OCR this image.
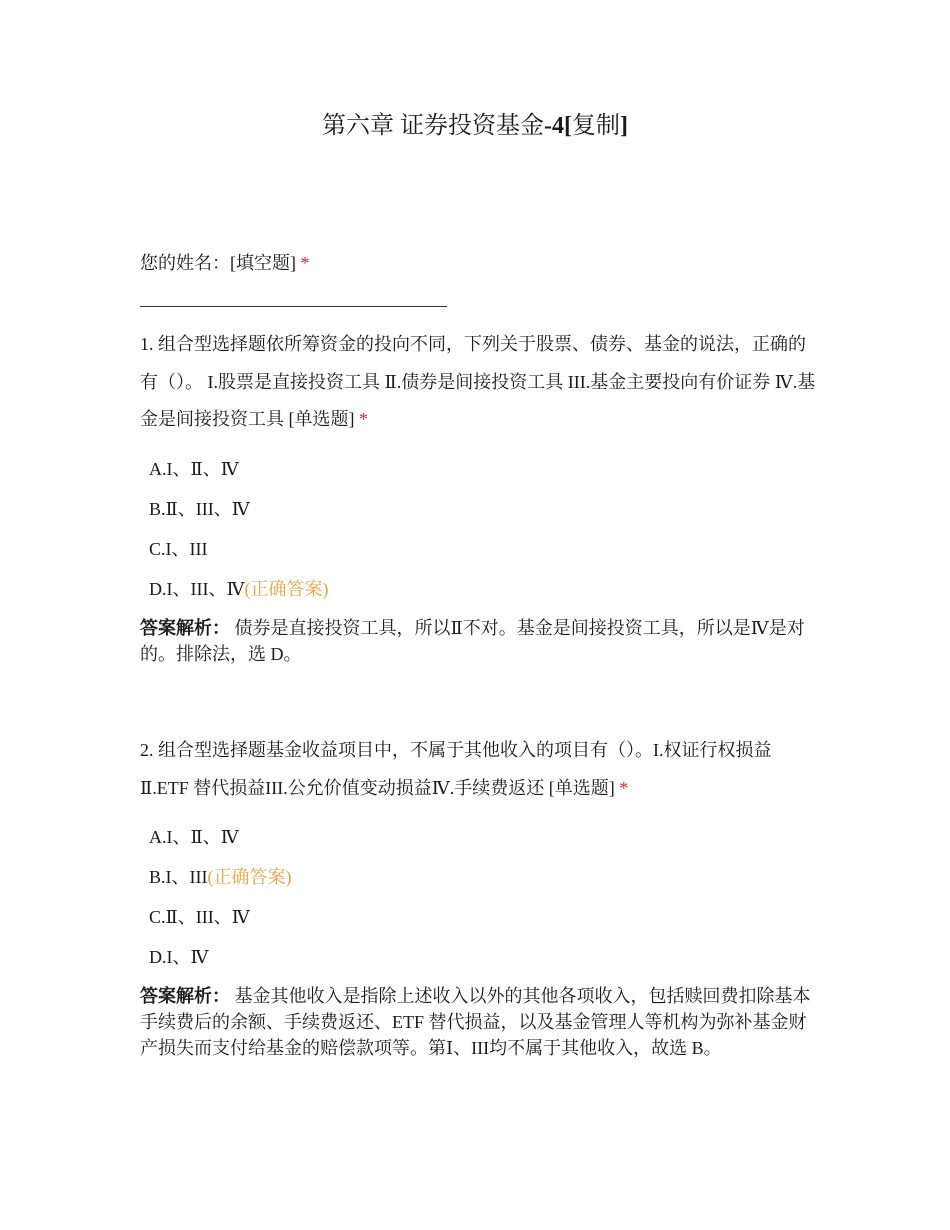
第六章 证券投资基金-4[复制]
您的姓名：[填空题] *
1. 组合型选择题依所筹资金的投向不同，下列关于股票、债券、基金的说法，正确的有（）。 I.股票是直接投资工具 Ⅱ.债券是间接投资工具 III.基金主要投向有价证券 Ⅳ.基金是间接投资工具 [单选题] *
A.I、Ⅱ、Ⅳ
B.Ⅱ、III、Ⅳ
C.I、III
D.I、III、Ⅳ(正确答案)
答案解析： 债券是直接投资工具，所以Ⅱ不对。基金是间接投资工具，所以是Ⅳ是对的。排除法，选 D。
2. 组合型选择题基金收益项目中，不属于其他收入的项目有（）。I.权证行权损益Ⅱ.ETF 替代损益III.公允价值变动损益Ⅳ.手续费返还 [单选题] *
A.I、Ⅱ、Ⅳ
B.I、III(正确答案)
C.Ⅱ、III、Ⅳ
D.I、Ⅳ
答案解析： 基金其他收入是指除上述收入以外的其他各项收入，包括赎回费扣除基本手续费后的余额、手续费返还、ETF 替代损益，以及基金管理人等机构为弥补基金财产损失而支付给基金的赔偿款项等。第Ⅰ、III均不属于其他收入，故选 B。
